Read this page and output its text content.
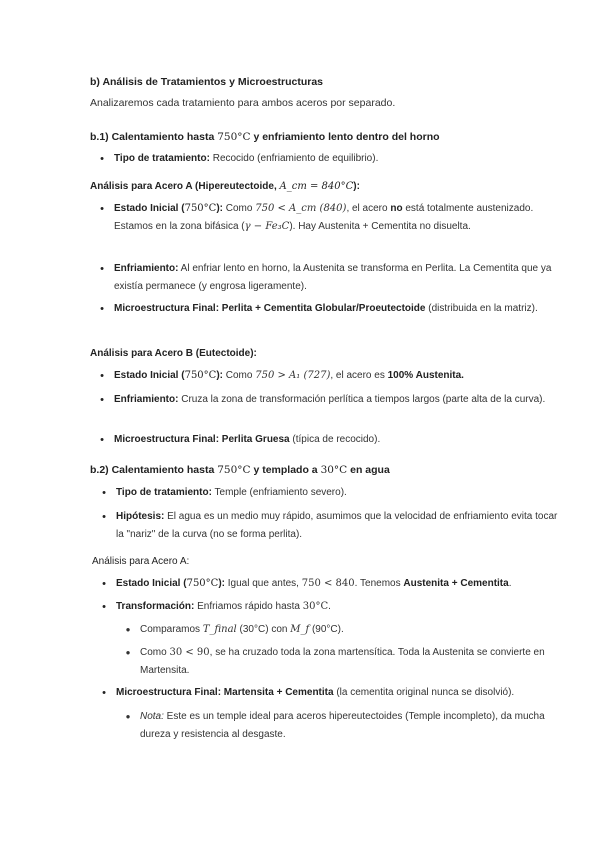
b) Análisis de Tratamientos y Microestructuras
Analizaremos cada tratamiento para ambos aceros por separado.
b.1) Calentamiento hasta 750°C y enfriamiento lento dentro del horno
•	Tipo de tratamiento: Recocido (enfriamiento de equilibrio).
Análisis para Acero A (Hipereutectoide, A_cm = 840°C):
•	Estado Inicial (750°C): Como 750 < A_cm (840), el acero no está totalmente austenizado. Estamos en la zona bifásica (γ − Fe₃C). Hay Austenita + Cementita no disuelta.
•	Enfriamiento: Al enfriar lento en horno, la Austenita se transforma en Perlita. La Cementita que ya existía permanece (y engrosa ligeramente).
•	Microestructura Final: Perlita + Cementita Globular/Proeutectoide (distribuida en la matriz).
Análisis para Acero B (Eutectoide):
•	Estado Inicial (750°C): Como 750 > A₁ (727), el acero es 100% Austenita.
•	Enfriamiento: Cruza la zona de transformación perlítica a tiempos largos (parte alta de la curva).
•	Microestructura Final: Perlita Gruesa (típica de recocido).
b.2) Calentamiento hasta 750°C y templado a 30°C en agua
•	Tipo de tratamiento: Temple (enfriamiento severo).
•	Hipótesis: El agua es un medio muy rápido, asumimos que la velocidad de enfriamiento evita tocar la "nariz" de la curva (no se forma perlita).
Análisis para Acero A:
•	Estado Inicial (750°C): Igual que antes, 750 < 840. Tenemos Austenita + Cementita.
•	Transformación: Enfriamos rápido hasta 30°C.
● Comparamos T_final (30°C) con M_f (90°C).
● Como 30 < 90, se ha cruzado toda la zona martensítica. Toda la Austenita se convierte en Martensita.
•	Microestructura Final: Martensita + Cementita (la cementita original nunca se disolvió).
● Nota: Este es un temple ideal para aceros hipereutectoides (Temple incompleto), da mucha dureza y resistencia al desgaste.
